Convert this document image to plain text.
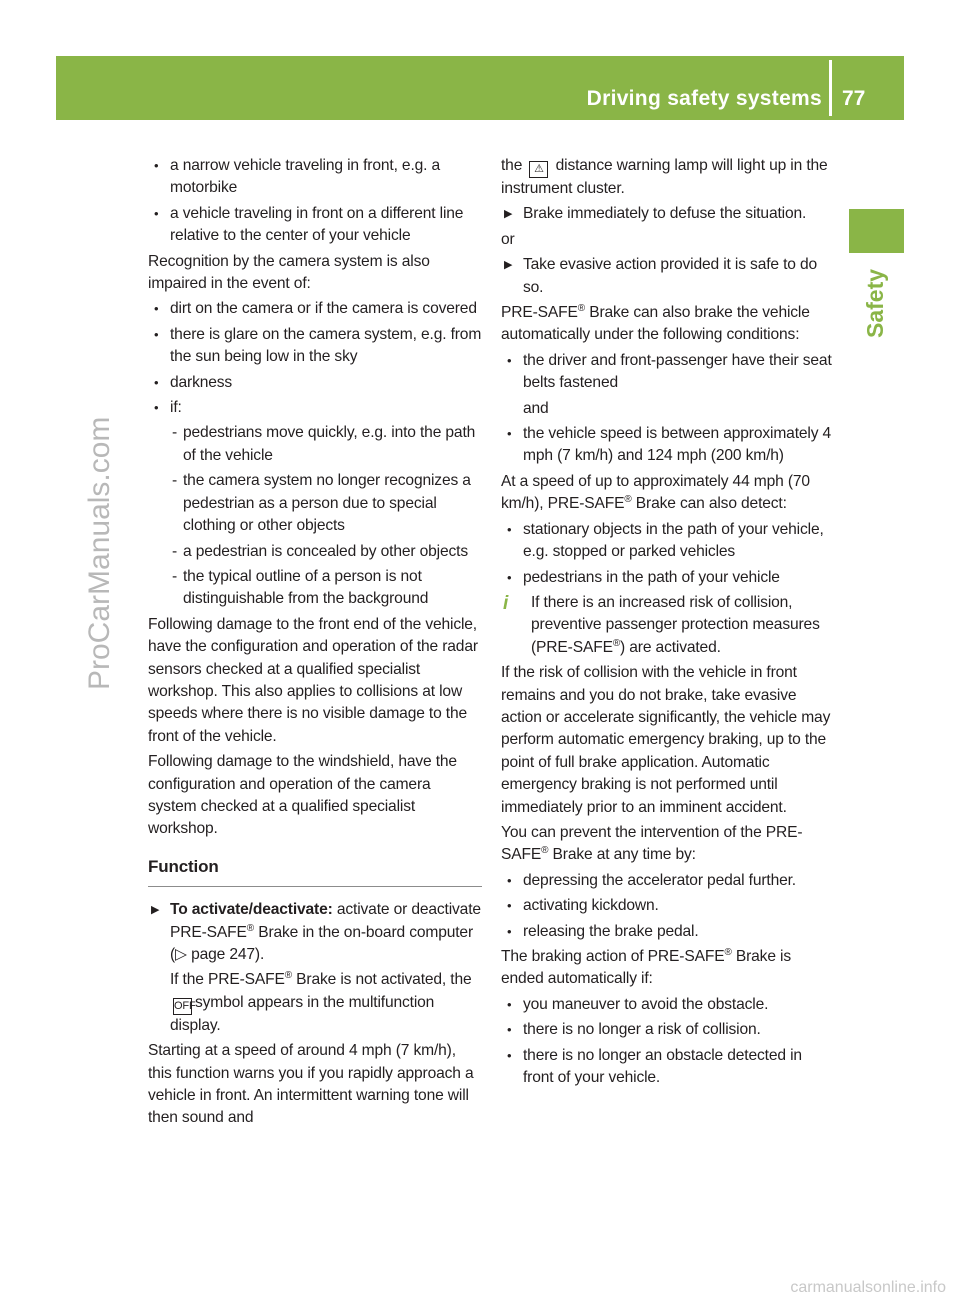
Driving safety systems 77
Safety
ProCarManuals.com
carmanualsonline.info
• a narrow vehicle traveling in front, e.g. a motorbike
• a vehicle traveling in front on a different line relative to the center of your vehicle
Recognition by the camera system is also impaired in the event of:
• dirt on the camera or if the camera is covered
• there is glare on the camera system, e.g. from the sun being low in the sky
• darkness
• if:
- pedestrians move quickly, e.g. into the path of the vehicle
- the camera system no longer recognizes a pedestrian as a person due to special clothing or other objects
- a pedestrian is concealed by other objects
- the typical outline of a person is not distinguishable from the background
Following damage to the front end of the vehicle, have the configuration and operation of the radar sensors checked at a qualified specialist workshop. This also applies to collisions at low speeds where there is no visible damage to the front of the vehicle.
Following damage to the windshield, have the configuration and operation of the camera system checked at a qualified specialist workshop.
Function
▶ To activate/deactivate: activate or deactivate PRE-SAFE® Brake in the on-board computer (▷ page 247).
If the PRE-SAFE® Brake is not activated, the OFFsymbol appears in the multifunction display.
Starting at a speed of around 4 mph (7 km/h), this function warns you if you rapidly approach a vehicle in front. An intermittent warning tone will then sound and
the ⚠ distance warning lamp will light up in the instrument cluster.
▶ Brake immediately to defuse the situation.
or
▶ Take evasive action provided it is safe to do so.
PRE-SAFE® Brake can also brake the vehicle automatically under the following conditions:
• the driver and front-passenger have their seat belts fastened
and
• the vehicle speed is between approximately 4 mph (7 km/h) and 124 mph (200 km/h)
At a speed of up to approximately 44 mph (70 km/h), PRE-SAFE® Brake can also detect:
• stationary objects in the path of your vehicle, e.g. stopped or parked vehicles
• pedestrians in the path of your vehicle
i If there is an increased risk of collision, preventive passenger protection measures (PRE-SAFE®) are activated.
If the risk of collision with the vehicle in front remains and you do not brake, take evasive action or accelerate significantly, the vehicle may perform automatic emergency braking, up to the point of full brake application. Automatic emergency braking is not performed until immediately prior to an imminent accident.
You can prevent the intervention of the PRE-SAFE® Brake at any time by:
• depressing the accelerator pedal further.
• activating kickdown.
• releasing the brake pedal.
The braking action of PRE-SAFE® Brake is ended automatically if:
• you maneuver to avoid the obstacle.
• there is no longer a risk of collision.
• there is no longer an obstacle detected in front of your vehicle.
